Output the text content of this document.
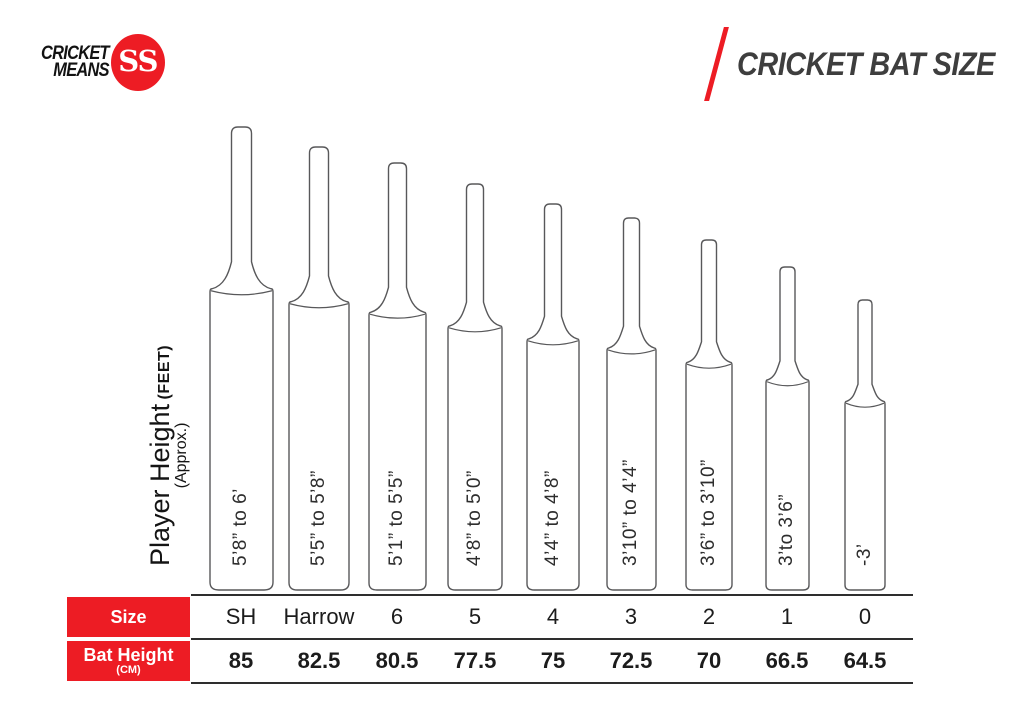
CRICKET
MEANS SS	CRICKET BAT SIZE
Player Height (FEET)
(Approx.)
5’8” to 6’	5’5” to 5’8”	5’1” to 5’5”	4’8” to 5’0”	4’4” to 4’8”	3’10” to 4’4”	3’6” to 3’10”	3’to 3’6”	-3’
Size
Bat Height
(CM)
SH	Harrow	6	5	4	3	2	1	0
85	82.5	80.5	77.5	75	72.5	70	66.5	64.5
